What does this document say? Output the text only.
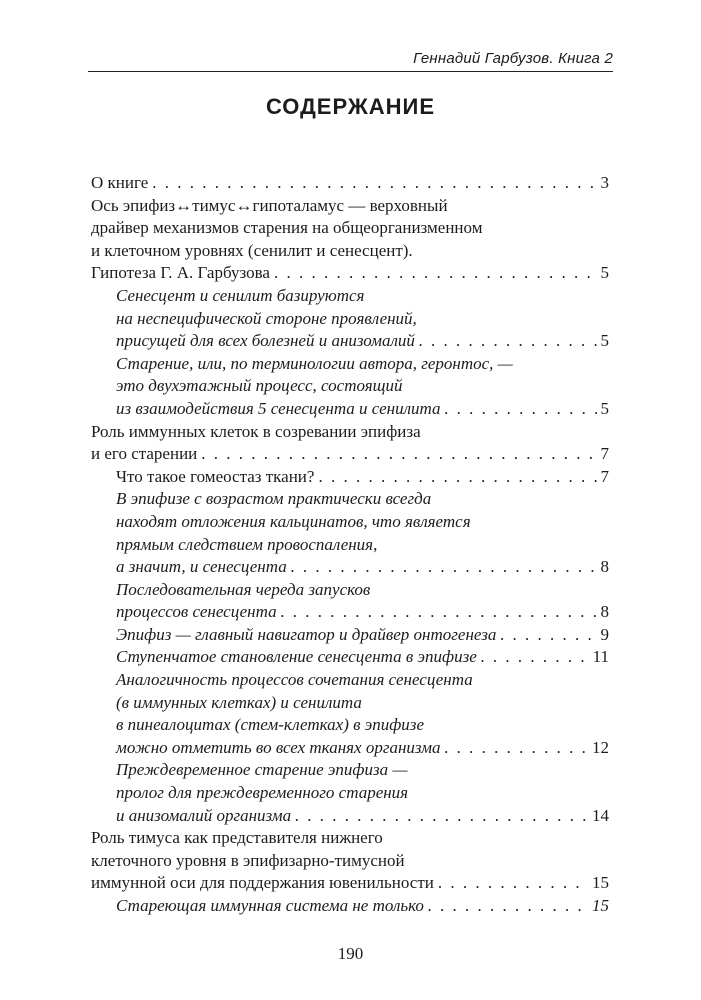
Геннадий Гарбузов. Книга 2
СОДЕРЖАНИЕ
О книге . . .	3
Ось эпифиз↔тимус↔гипоталамус — верховный
драйвер механизмов старения на общеорганизменном
и клеточном уровнях (сенилит и сенесцент).
Гипотеза Г. А. Гарбузова . . .	5
Сенесцент и сенилит базируются
на неспецифической стороне проявлений,
присущей для всех болезней и анизомалий . . .	5
Старение, или, по терминологии автора, геронтос, —
это двухэтажный процесс, состоящий
из взаимодействия 5 сенесцента и сенилита . . .	5
Роль иммунных клеток в созревании эпифиза
и его старении . . .	7
Что такое гомеостаз ткани? . . .	7
В эпифизе с возрастом практически всегда
находят отложения кальцинатов, что является
прямым следствием провоспаления,
а значит, и сенесцента . . .	8
Последовательная череда запусков
процессов сенесцента . . .	8
Эпифиз — главный навигатор и драйвер онтогенеза . . .	9
Ступенчатое становление сенесцента в эпифизе . . .	11
Аналогичность процессов сочетания сенесцента
(в иммунных клетках) и сенилита
в пинеалоцитах (стем-клетках) в эпифизе
можно отметить во всех тканях организма . . .	12
Преждевременное старение эпифиза —
пролог для преждевременного старения
и анизомалий организма . . .	14
Роль тимуса как представителя нижнего
клеточного уровня в эпифизарно-тимусной
иммунной оси для поддержания ювенильности . . .	15
Стареющая иммунная система не только . . .	15
190
